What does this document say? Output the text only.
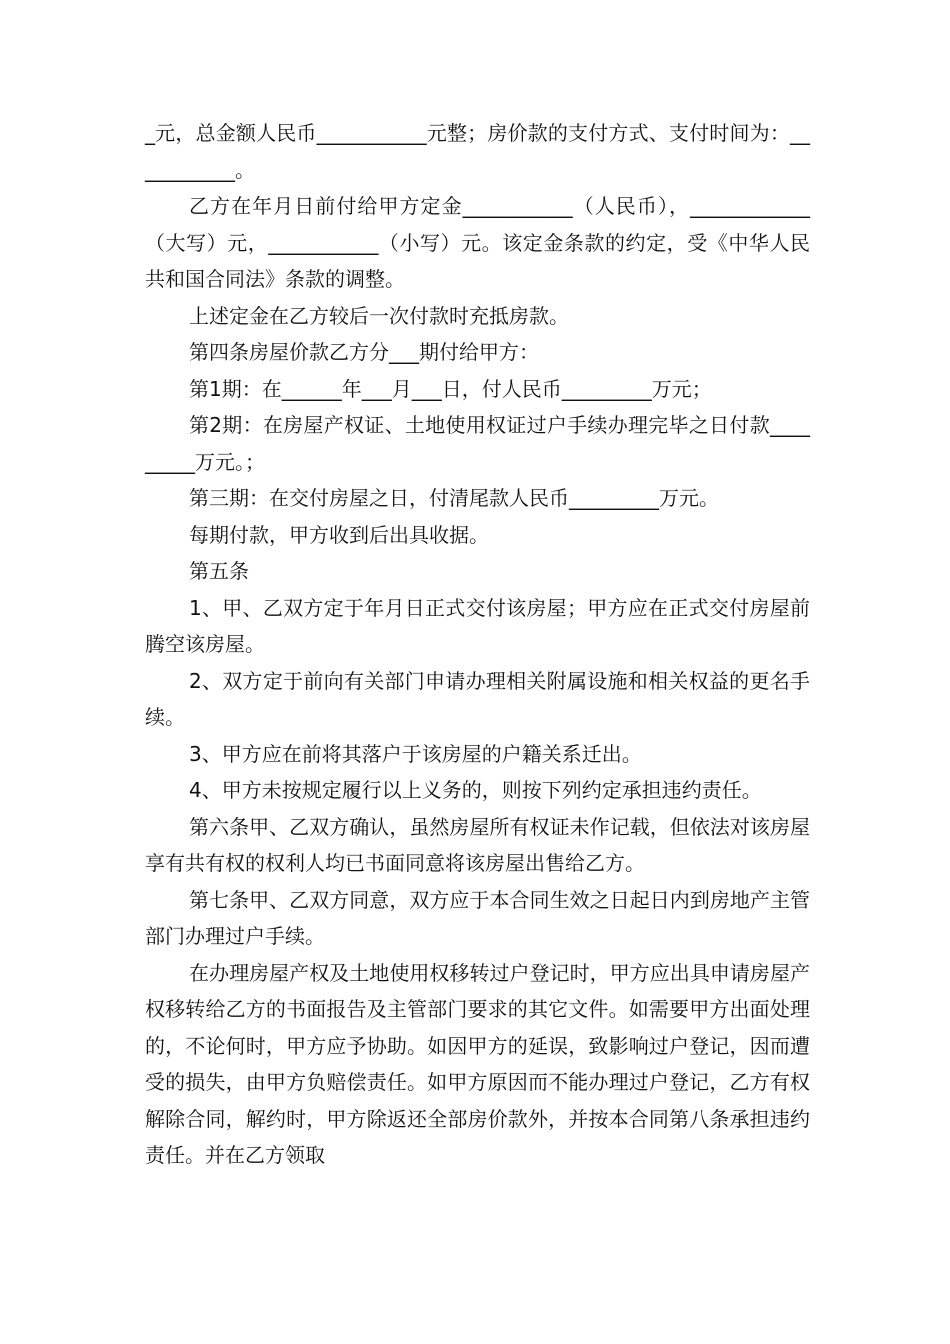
_元，总金额人民币___________元整；房价款的支付方式、支付时间为：___________。

乙方在年月日前付给甲方定金___________（人民币），____________（大写）元，___________（小写）元。该定金条款的约定，受《中华人民共和国合同法》条款的调整。

上述定金在乙方较后一次付款时充抵房款。

第四条房屋价款乙方分___期付给甲方：

第1期：在______年___月___日，付人民币_________万元；

第2期：在房屋产权证、土地使用权证过户手续办理完毕之日付款_________万元。；

第三期：在交付房屋之日，付清尾款人民币_________万元。

每期付款，甲方收到后出具收据。

第五条

1、甲、乙双方定于年月日正式交付该房屋；甲方应在正式交付房屋前腾空该房屋。

2、双方定于前向有关部门申请办理相关附属设施和相关权益的更名手续。

3、甲方应在前将其落户于该房屋的户籍关系迁出。

4、甲方未按规定履行以上义务的，则按下列约定承担违约责任。

第六条甲、乙双方确认，虽然房屋所有权证未作记载，但依法对该房屋享有共有权的权利人均已书面同意将该房屋出售给乙方。

第七条甲、乙双方同意，双方应于本合同生效之日起日内到房地产主管部门办理过户手续。

在办理房屋产权及土地使用权移转过户登记时，甲方应出具申请房屋产权移转给乙方的书面报告及主管部门要求的其它文件。如需要甲方出面处理的，不论何时，甲方应予协助。如因甲方的延误，致影响过户登记，因而遭受的损失，由甲方负赔偿责任。如甲方原因而不能办理过户登记，乙方有权解除合同，解约时，甲方除返还全部房价款外，并按本合同第八条承担违约责任。并在乙方领取
